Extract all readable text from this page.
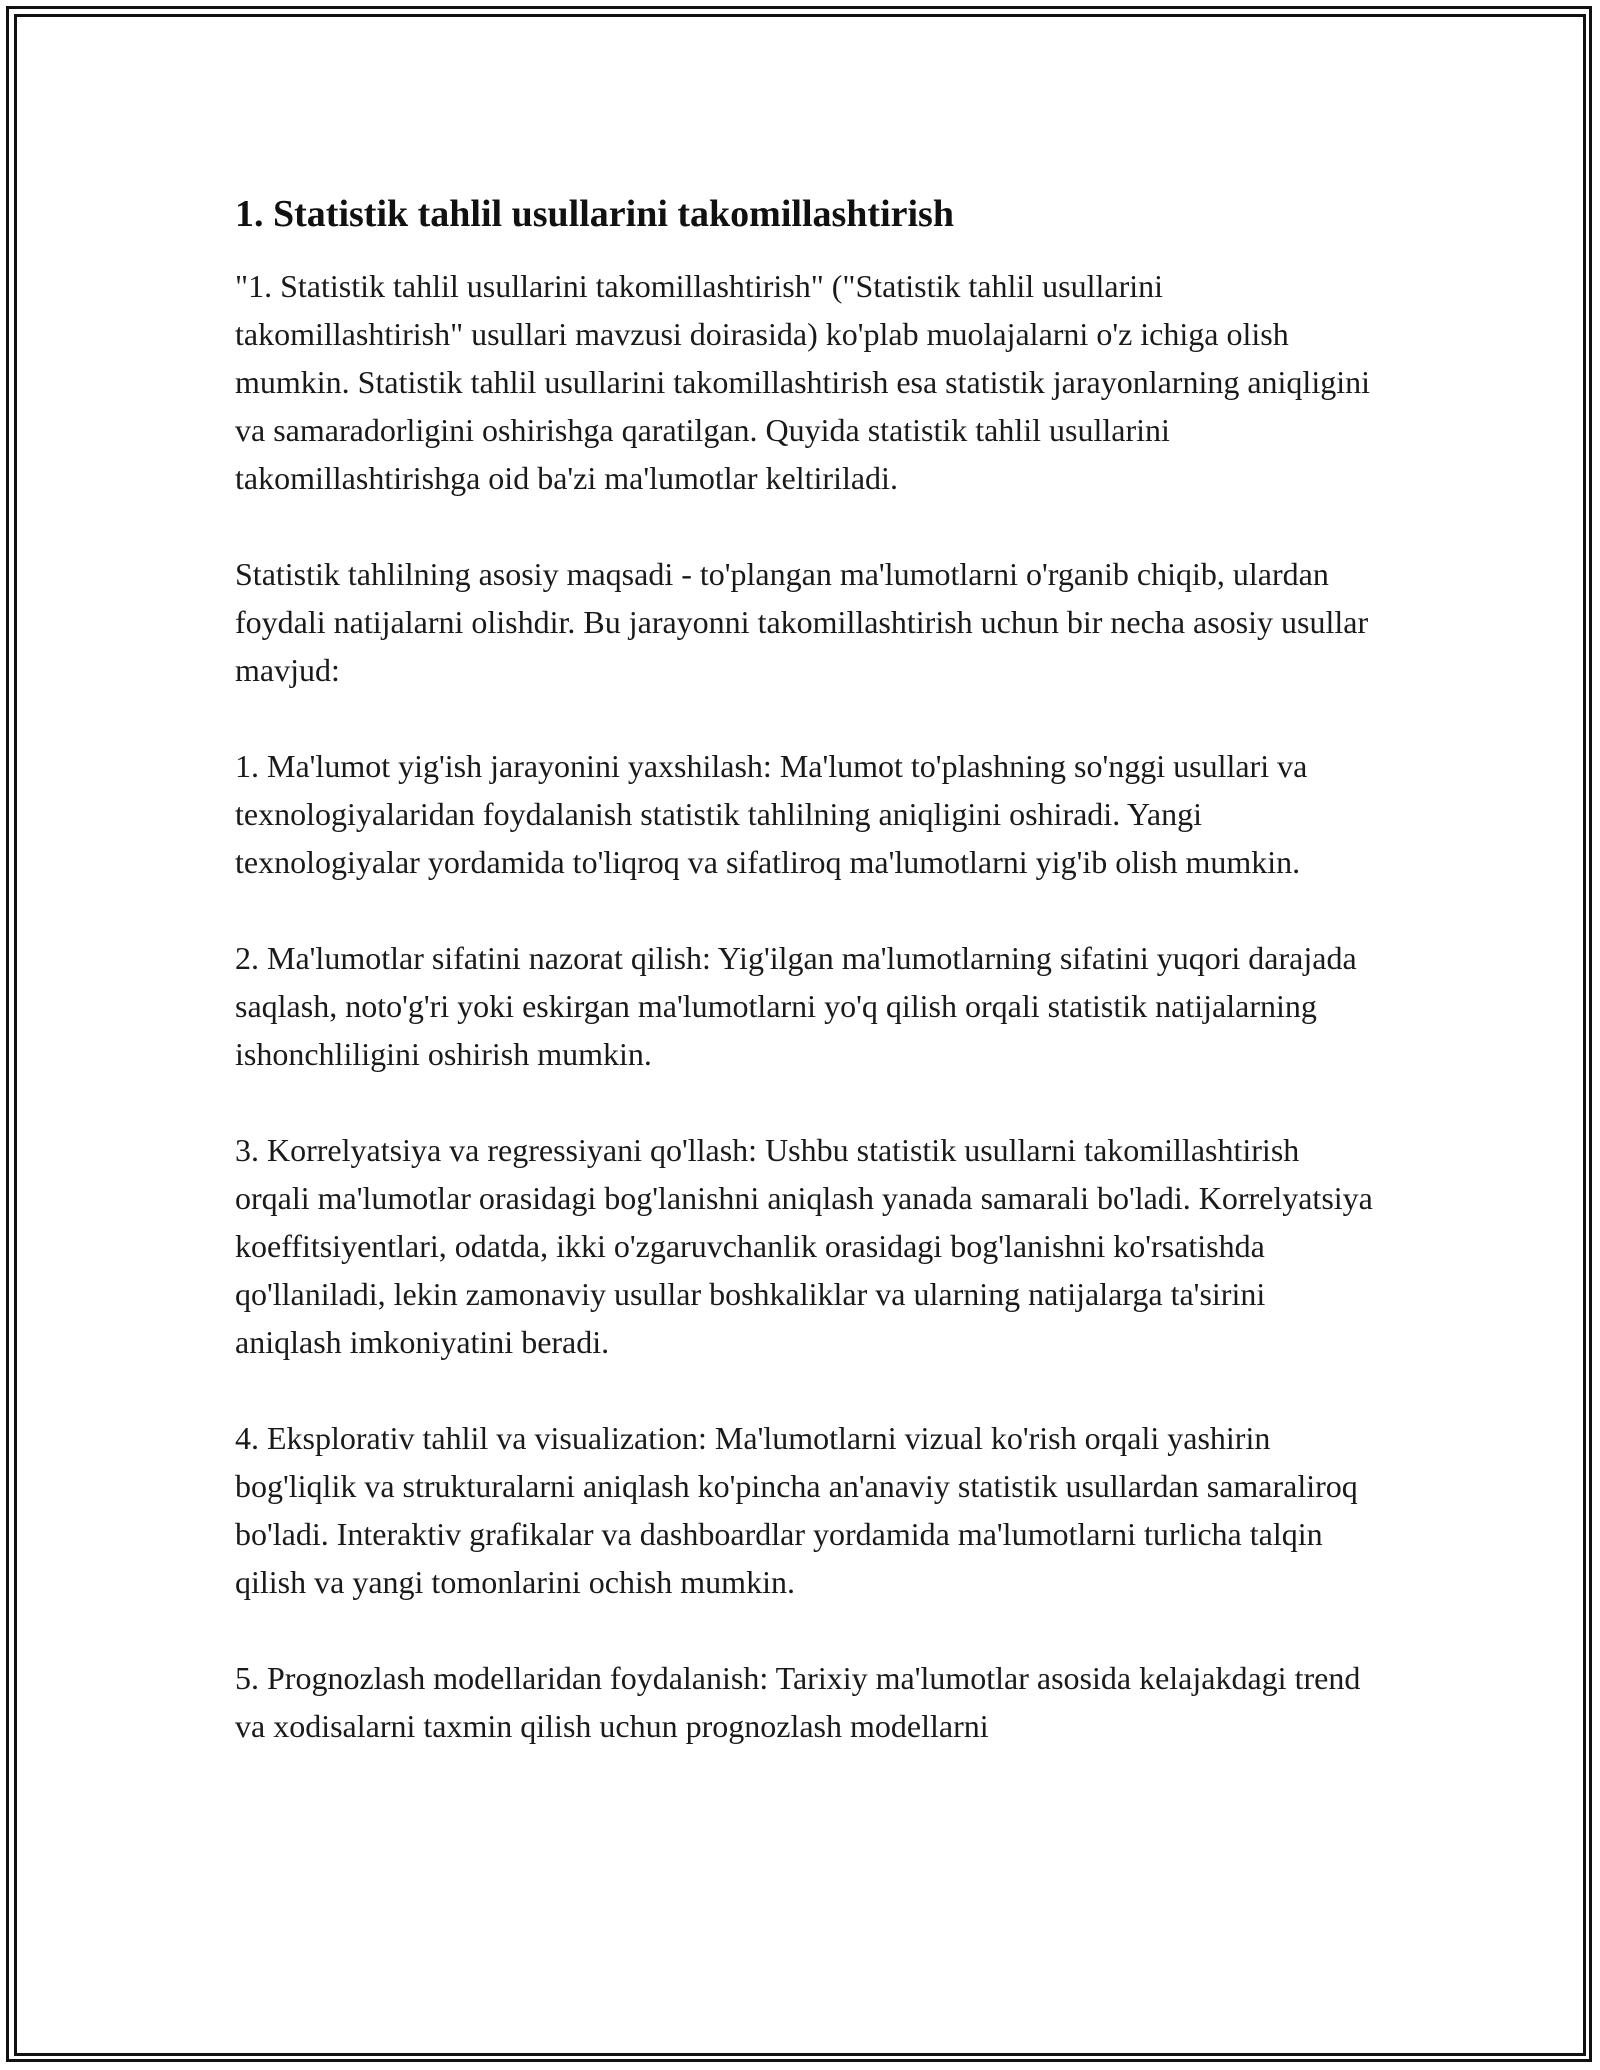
1. Statistik tahlil usullarini takomillashtirish

"1. Statistik tahlil usullarini takomillashtirish" ("Statistik tahlil usullarini takomillashtirish" usullari mavzusi doirasida) ko'plab muolajalarni o'z ichiga olish mumkin. Statistik tahlil usullarini takomillashtirish esa statistik jarayonlarning aniqligini va samaradorligini oshirishga qaratilgan. Quyida statistik tahlil usullarini takomillashtirishga oid ba'zi ma'lumotlar keltiriladi.

Statistik tahlilning asosiy maqsadi - to'plangan ma'lumotlarni o'rganib chiqib, ulardan foydali natijalarni olishdir. Bu jarayonni takomillashtirish uchun bir necha asosiy usullar mavjud:

1. Ma'lumot yig'ish jarayonini yaxshilash: Ma'lumot to'plashning so'nggi usullari va texnologiyalaridan foydalanish statistik tahlilning aniqligini oshiradi. Yangi texnologiyalar yordamida to'liqroq va sifatliroq ma'lumotlarni yig'ib olish mumkin.

2. Ma'lumotlar sifatini nazorat qilish: Yig'ilgan ma'lumotlarning sifatini yuqori darajada saqlash, noto'g'ri yoki eskirgan ma'lumotlarni yo'q qilish orqali statistik natijalarning ishonchliligini oshirish mumkin.

3. Korrelyatsiya va regressiyani qo'llash: Ushbu statistik usullarni takomillashtirish orqali ma'lumotlar orasidagi bog'lanishni aniqlash yanada samarali bo'ladi. Korrelyatsiya koeffitsiyentlari, odatda, ikki o'zgaruvchanlik orasidagi bog'lanishni ko'rsatishda qo'llaniladi, lekin zamonaviy usullar boshkaliklar va ularning natijalarga ta'sirini aniqlash imkoniyatini beradi.

4. Eksplorativ tahlil va visualization: Ma'lumotlarni vizual ko'rish orqali yashirin bog'liqlik va strukturalarni aniqlash ko'pincha an'anaviy statistik usullardan samaraliroq bo'ladi. Interaktiv grafikalar va dashboardlar yordamida ma'lumotlarni turlicha talqin qilish va yangi tomonlarini ochish mumkin.

5. Prognozlash modellaridan foydalanish: Tarixiy ma'lumotlar asosida kelajakdagi trend va xodisalarni taxmin qilish uchun prognozlash modellarni
